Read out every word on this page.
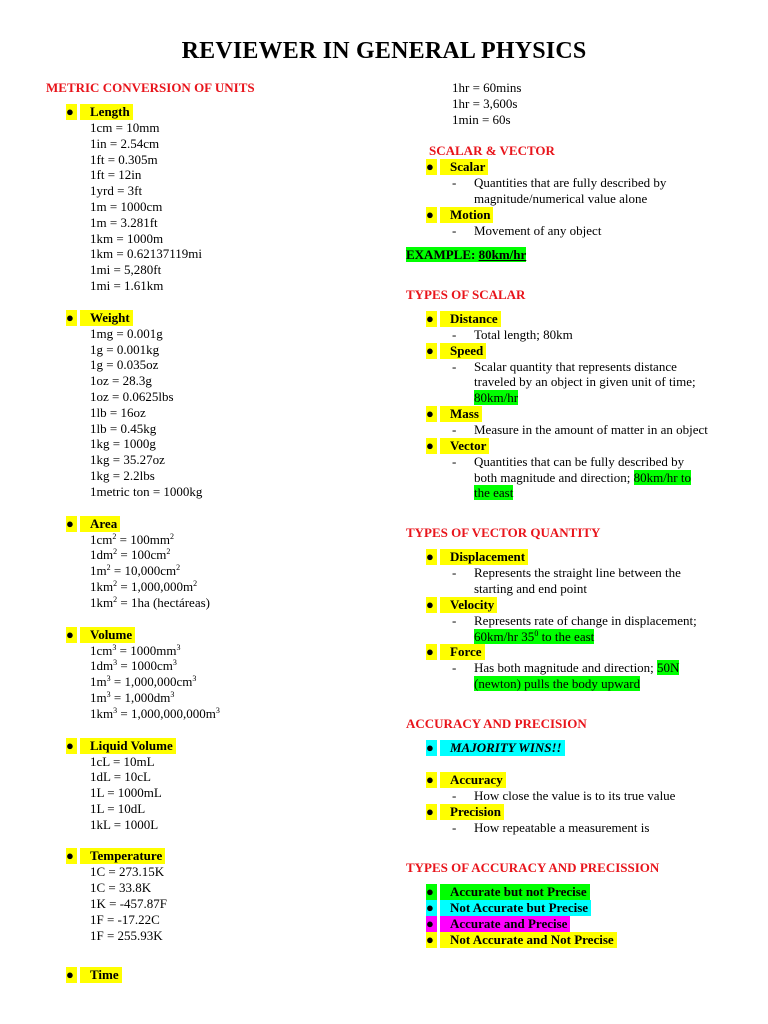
REVIEWER IN GENERAL PHYSICS
METRIC CONVERSION OF UNITS
● Length
1cm = 10mm
1in = 2.54cm
1ft = 0.305m
1ft = 12in
1yrd = 3ft
1m = 1000cm
1m = 3.281ft
1km = 1000m
1km = 0.62137119mi
1mi = 5,280ft
1mi = 1.61km
● Weight
1mg = 0.001g
1g = 0.001kg
1g = 0.035oz
1oz = 28.3g
1oz = 0.0625lbs
1lb = 16oz
1lb = 0.45kg
1kg = 1000g
1kg = 35.27oz
1kg = 2.2lbs
1metric ton = 1000kg
● Area
$1cm^2 = 100mm^2$
$1dm^2 = 100cm^2$
$1m^2 = 10,000cm^2$
$1km^2 = 1,000,000m^2$
$1km^2 = 1ha$ (hectáreas)
● Volume
$1cm^3 = 1000mm^3$
$1dm^3 = 1000cm^3$
$1m^3 = 1,000,000cm^3$
$1m^3 = 1,000dm^3$
$1km^3 = 1,000,000,000m^3$
● Liquid Volume
1cL = 10mL
1dL = 10cL
1L = 1000mL
1L = 10dL
1kL = 1000L
● Temperature
1C = 273.15K
1C = 33.8K
1K = -457.87F
1F = -17.22C
1F = 255.93K
● Time
1hr = 60mins
1hr = 3,600s
1min = 60s
SCALAR & VECTOR
● Scalar
- Quantities that are fully described by
magnitude/numerical value alone
● Motion
- Movement of any object
EXAMPLE: 80km/hr
TYPES OF SCALAR
● Distance
- Total length; 80km
● Speed
- Scalar quantity that represents distance
traveled by an object in given unit of time;
80km/hr
● Mass
- Measure in the amount of matter in an object
● Vector
- Quantities that can be fully described by
both magnitude and direction; 80km/hr to
the east
TYPES OF VECTOR QUANTITY
● Displacement
- Represents the straight line between the
starting and end point
● Velocity
- Represents rate of change in displacement;
60km/hr $35^0$ to the east
● Force
- Has both magnitude and direction; 50N
(newton) pulls the body upward
ACCURACY AND PRECISION
● MAJORITY WINS!!
● Accuracy
- How close the value is to its true value
● Precision
- How repeatable a measurement is
TYPES OF ACCURACY AND PRECISSION
● Accurate but not Precise
● Not Accurate but Precise
● Accurate and Precise
● Not Accurate and Not Precise
